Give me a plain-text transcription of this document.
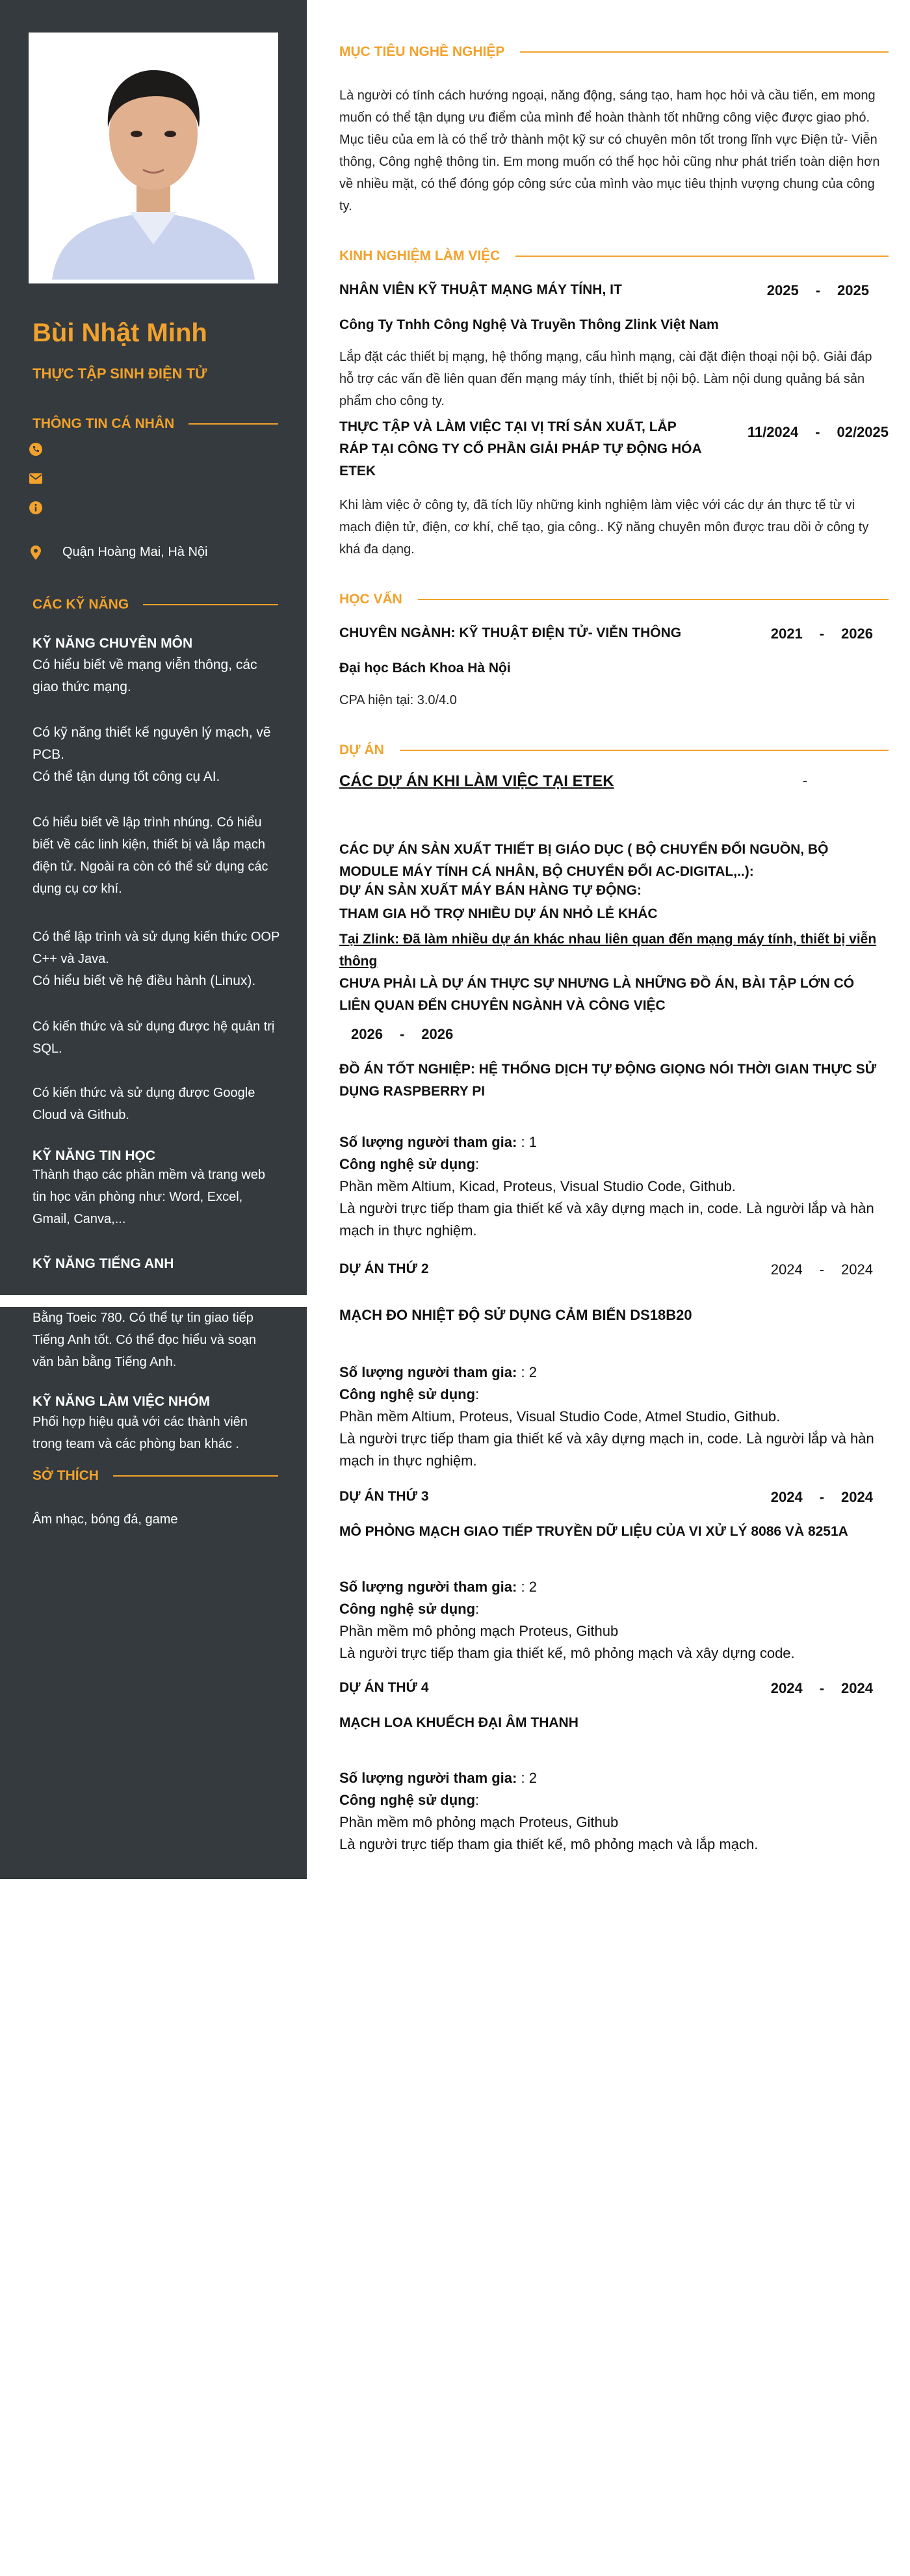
Bùi Nhật Minh
THỰC TẬP SINH ĐIỆN TỬ
THÔNG TIN CÁ NHÂN
Quận Hoàng Mai, Hà Nội
CÁC KỸ NĂNG
KỸ NĂNG CHUYÊN MÔN
Có hiểu biết về mạng viễn thông, các giao thức mạng.
Có kỹ năng thiết kế nguyên lý mạch, vẽ PCB.
Có thể tận dụng tốt công cụ AI.
Có hiểu biết về lập trình nhúng. Có hiểu biết về các linh kiện, thiết bị và lắp mạch điện tử. Ngoài ra còn có thể sử dụng các dụng cụ cơ khí.
Có thể lập trình và sử dụng kiến thức OOP C++ và Java.
Có hiểu biết về hệ điều hành (Linux).
Có kiến thức và sử dụng được hệ quản trị SQL.
Có kiến thức và sử dụng được Google Cloud và Github.
KỸ NĂNG TIN HỌC
Thành thạo các phần mềm và trang web tin học văn phòng như: Word, Excel, Gmail, Canva,...
KỸ NĂNG TIẾNG ANH
Bằng Toeic 780. Có thể tự tin giao tiếp Tiếng Anh tốt. Có thể đọc hiểu và soạn văn bản bằng Tiếng Anh.
KỸ NĂNG LÀM VIỆC NHÓM
Phối hợp hiệu quả với các thành viên trong team và các phòng ban khác .
SỞ THÍCH
Âm nhạc, bóng đá, game
MỤC TIÊU NGHỀ NGHIỆP
Là người có tính cách hướng ngoại, năng động, sáng tạo, ham học hỏi và cầu tiến, em mong muốn có thể tận dụng ưu điểm của mình để hoàn thành tốt những công việc được giao phó. Mục tiêu của em là có thể trở thành một kỹ sư có chuyên môn tốt trong lĩnh vực Điện tử- Viễn thông, Công nghệ thông tin. Em mong muốn có thể học hỏi cũng như phát triển toàn diện hơn về nhiều mặt, có thể đóng góp công sức của mình vào mục tiêu thịnh vượng chung của công ty.
KINH NGHIỆM LÀM VIỆC
NHÂN VIÊN KỸ THUẬT MẠNG MÁY TÍNH, IT	2025 - 2025
Công Ty Tnhh Công Nghệ Và Truyền Thông Zlink Việt Nam
Lắp đặt các thiết bị mạng, hệ thống mạng, cấu hình mạng, cài đặt điện thoại nội bộ. Giải đáp hỗ trợ các vấn đề liên quan đến mạng máy tính, thiết bị nội bộ. Làm nội dung quảng bá sản phẩm cho công ty.
THỰC TẬP VÀ LÀM VIỆC TẠI VỊ TRÍ SẢN XUẤT, LẮP RÁP TẠI CÔNG TY CỔ PHẦN GIẢI PHÁP TỰ ĐỘNG HÓA ETEK
11/2024 - 02/2025
Khi làm việc ở công ty, đã tích lũy những kinh nghiệm làm việc với các dự án thực tế từ vi mạch điện tử, điện, cơ khí, chế tạo, gia công.. Kỹ năng chuyên môn được trau dồi ở công ty khá đa dạng.
HỌC VẤN
CHUYÊN NGÀNH: KỸ THUẬT ĐIỆN TỬ- VIỄN THÔNG	2021 - 2026
Đại học Bách Khoa Hà Nội
CPA hiện tại: 3.0/4.0
DỰ ÁN
CÁC DỰ ÁN KHI LÀM VIỆC TẠI ETEK	-
CÁC DỰ ÁN SẢN XUẤT THIẾT BỊ GIÁO DỤC ( BỘ CHUYỂN ĐỔI NGUỒN, BỘ MODULE MÁY TÍNH CÁ NHÂN, BỘ CHUYỂN ĐỔI AC-DIGITAL,..):
DỰ ÁN SẢN XUẤT MÁY BÁN HÀNG TỰ ĐỘNG:
THAM GIA HỖ TRỢ NHIỀU DỰ ÁN NHỎ LẺ KHÁC
Tại Zlink: Đã làm nhiều dự án khác nhau liên quan đến mạng máy tính, thiết bị viễn thông
CHƯA PHẢI LÀ DỰ ÁN THỰC SỰ NHƯNG LÀ NHỮNG ĐỒ ÁN, BÀI TẬP LỚN CÓ LIÊN QUAN ĐẾN CHUYÊN NGÀNH VÀ CÔNG VIỆC
2026 - 2026
ĐỒ ÁN TỐT NGHIỆP: HỆ THỐNG DỊCH TỰ ĐỘNG GIỌNG NÓI THỜI GIAN THỰC SỬ DỤNG RASPBERRY PI
Số lượng người tham gia: : 1
Công nghệ sử dụng:
Phần mềm Altium, Kicad, Proteus, Visual Studio Code, Github.
Là người trực tiếp tham gia thiết kế và xây dựng mạch in, code. Là người lắp và hàn mạch in thực nghiệm.
DỰ ÁN THỨ 2	2024 - 2024
MẠCH ĐO NHIỆT ĐỘ SỬ DỤNG CẢM BIẾN DS18B20
Số lượng người tham gia: : 2
Công nghệ sử dụng:
Phần mềm Altium, Proteus, Visual Studio Code, Atmel Studio, Github.
Là người trực tiếp tham gia thiết kế và xây dựng mạch in, code. Là người lắp và hàn mạch in thực nghiệm.
DỰ ÁN THỨ 3	2024 - 2024
MÔ PHỎNG MẠCH GIAO TIẾP TRUYỀN DỮ LIỆU CỦA VI XỬ LÝ 8086 VÀ 8251A
Số lượng người tham gia: : 2
Công nghệ sử dụng:
Phần mềm mô phỏng mạch Proteus, Github
Là người trực tiếp tham gia thiết kế, mô phỏng mạch và xây dựng code.
DỰ ÁN THỨ 4	2024 - 2024
MẠCH LOA KHUẾCH ĐẠI ÂM THANH
Số lượng người tham gia: : 2
Công nghệ sử dụng:
Phần mềm mô phỏng mạch Proteus, Github
Là người trực tiếp tham gia thiết kế, mô phỏng mạch và lắp mạch.
